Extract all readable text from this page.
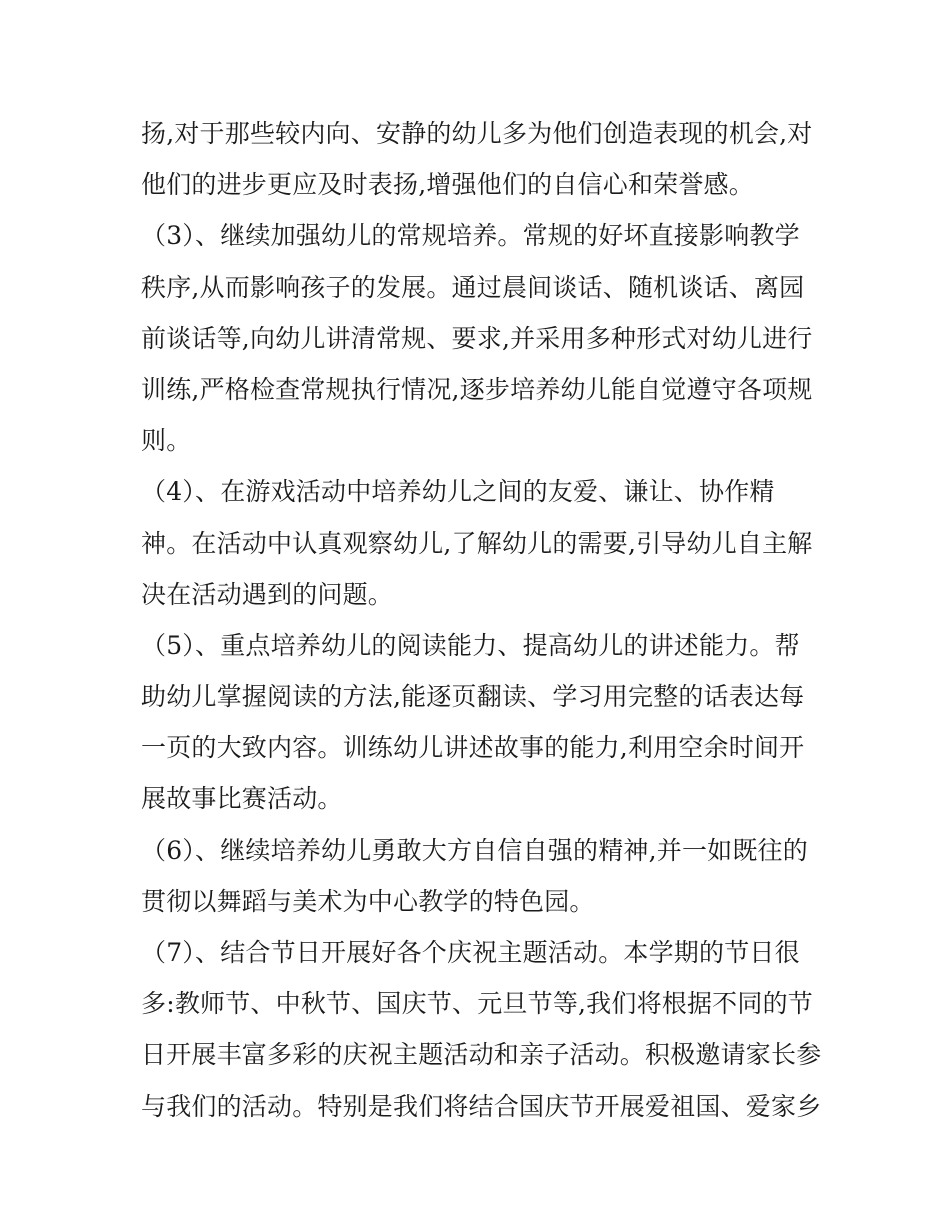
扬,对于那些较内向、安静的幼儿多为他们创造表现的机会,对
他们的进步更应及时表扬,增强他们的自信心和荣誉感。
（3）、继续加强幼儿的常规培养。常规的好坏直接影响教学
秩序,从而影响孩子的发展。通过晨间谈话、随机谈话、离园
前谈话等,向幼儿讲清常规、要求,并采用多种形式对幼儿进行
训练,严格检查常规执行情况,逐步培养幼儿能自觉遵守各项规
则。
（4）、在游戏活动中培养幼儿之间的友爱、谦让、协作精
神。在活动中认真观察幼儿,了解幼儿的需要,引导幼儿自主解
决在活动遇到的问题。
（5）、重点培养幼儿的阅读能力、提高幼儿的讲述能力。帮
助幼儿掌握阅读的方法,能逐页翻读、学习用完整的话表达每
一页的大致内容。训练幼儿讲述故事的能力,利用空余时间开
展故事比赛活动。
（6）、继续培养幼儿勇敢大方自信自强的精神,并一如既往的
贯彻以舞蹈与美术为中心教学的特色园。
（7）、结合节日开展好各个庆祝主题活动。本学期的节日很
多:教师节、中秋节、国庆节、元旦节等,我们将根据不同的节
日开展丰富多彩的庆祝主题活动和亲子活动。积极邀请家长参
与我们的活动。特别是我们将结合国庆节开展爱祖国、爱家乡
